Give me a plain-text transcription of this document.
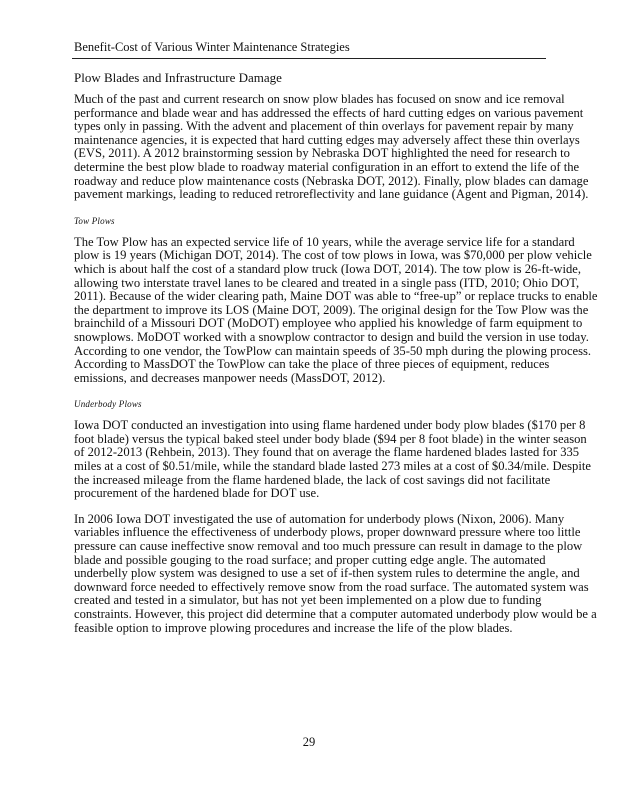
Benefit-Cost of Various Winter Maintenance Strategies
Plow Blades and Infrastructure Damage

Much of the past and current research on snow plow blades has focused on snow and ice removal performance and blade wear and has addressed the effects of hard cutting edges on various pavement types only in passing. With the advent and placement of thin overlays for pavement repair by many maintenance agencies, it is expected that hard cutting edges may adversely affect these thin overlays (EVS, 2011). A 2012 brainstorming session by Nebraska DOT highlighted the need for research to determine the best plow blade to roadway material configuration in an effort to extend the life of the roadway and reduce plow maintenance costs (Nebraska DOT, 2012). Finally, plow blades can damage pavement markings, leading to reduced retroreflectivity and lane guidance (Agent and Pigman, 2014).

Tow Plows

The Tow Plow has an expected service life of 10 years, while the average service life for a standard plow is 19 years (Michigan DOT, 2014). The cost of tow plows in Iowa, was $70,000 per plow vehicle which is about half the cost of a standard plow truck (Iowa DOT, 2014). The tow plow is 26-ft-wide, allowing two interstate travel lanes to be cleared and treated in a single pass (ITD, 2010; Ohio DOT, 2011). Because of the wider clearing path, Maine DOT was able to “free-up” or replace trucks to enable the department to improve its LOS (Maine DOT, 2009). The original design for the Tow Plow was the brainchild of a Missouri DOT (MoDOT) employee who applied his knowledge of farm equipment to snowplows. MoDOT worked with a snowplow contractor to design and build the version in use today. According to one vendor, the TowPlow can maintain speeds of 35-50 mph during the plowing process. According to MassDOT the TowPlow can take the place of three pieces of equipment, reduces emissions, and decreases manpower needs (MassDOT, 2012).

Underbody Plows

Iowa DOT conducted an investigation into using flame hardened under body plow blades ($170 per 8 foot blade) versus the typical baked steel under body blade ($94 per 8 foot blade) in the winter season of 2012-2013 (Rehbein, 2013). They found that on average the flame hardened blades lasted for 335 miles at a cost of $0.51/mile, while the standard blade lasted 273 miles at a cost of $0.34/mile. Despite the increased mileage from the flame hardened blade, the lack of cost savings did not facilitate procurement of the hardened blade for DOT use.

In 2006 Iowa DOT investigated the use of automation for underbody plows (Nixon, 2006). Many variables influence the effectiveness of underbody plows, proper downward pressure where too little pressure can cause ineffective snow removal and too much pressure can result in damage to the plow blade and possible gouging to the road surface; and proper cutting edge angle. The automated underbelly plow system was designed to use a set of if-then system rules to determine the angle, and downward force needed to effectively remove snow from the road surface. The automated system was created and tested in a simulator, but has not yet been implemented on a plow due to funding constraints. However, this project did determine that a computer automated underbody plow would be a feasible option to improve plowing procedures and increase the life of the plow blades.

29
